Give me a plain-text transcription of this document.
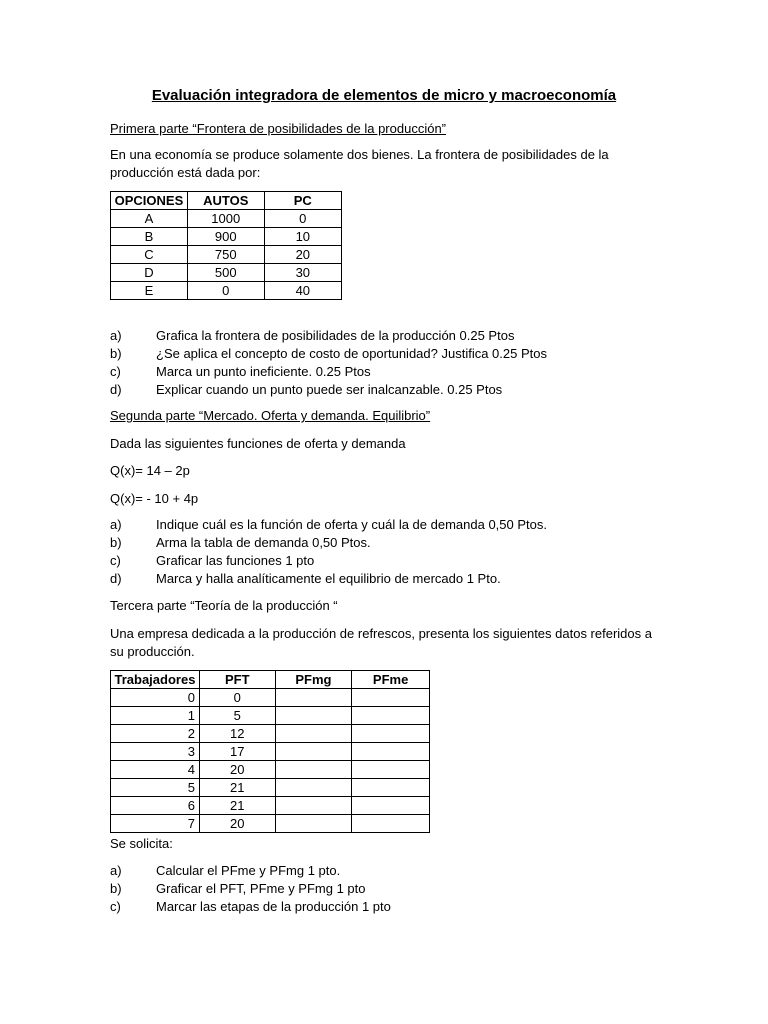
Evaluación integradora de elementos de micro y macroeconomía
Primera parte “Frontera de posibilidades de la producción”
En una economía se produce solamente dos bienes. La frontera de posibilidades de la producción está dada por:
OPCIONES	AUTOS	PC
A	1000	0
B	900	10
C	750	20
D	500	30
E	0	40
a)	Grafica la frontera de posibilidades de la producción 0.25 Ptos
b)	¿Se aplica el concepto de costo de oportunidad? Justifica 0.25 Ptos
c)	Marca un punto ineficiente. 0.25 Ptos
d)	Explicar cuando un punto puede ser inalcanzable. 0.25 Ptos
Segunda parte “Mercado. Oferta y demanda. Equilibrio”
Dada las siguientes funciones de oferta y demanda
Q(x)= 14 – 2p
Q(x)= - 10 + 4p
a)	Indique cuál es la función de oferta y cuál la de demanda 0,50 Ptos.
b)	Arma la tabla de demanda 0,50 Ptos.
c)	Graficar las funciones 1 pto
d)	Marca y halla analíticamente el equilibrio de mercado 1 Pto.
Tercera parte “Teoría de la producción “
Una empresa dedicada a la producción de refrescos, presenta los siguientes datos referidos a su producción.
Trabajadores	PFT	PFmg	PFme
0	0		
1	5		
2	12		
3	17		
4	20		
5	21		
6	21		
7	20		
Se solicita:
a)	Calcular el PFme y PFmg 1 pto.
b)	Graficar el PFT, PFme y PFmg 1 pto
c)	Marcar las etapas de la producción 1 pto
